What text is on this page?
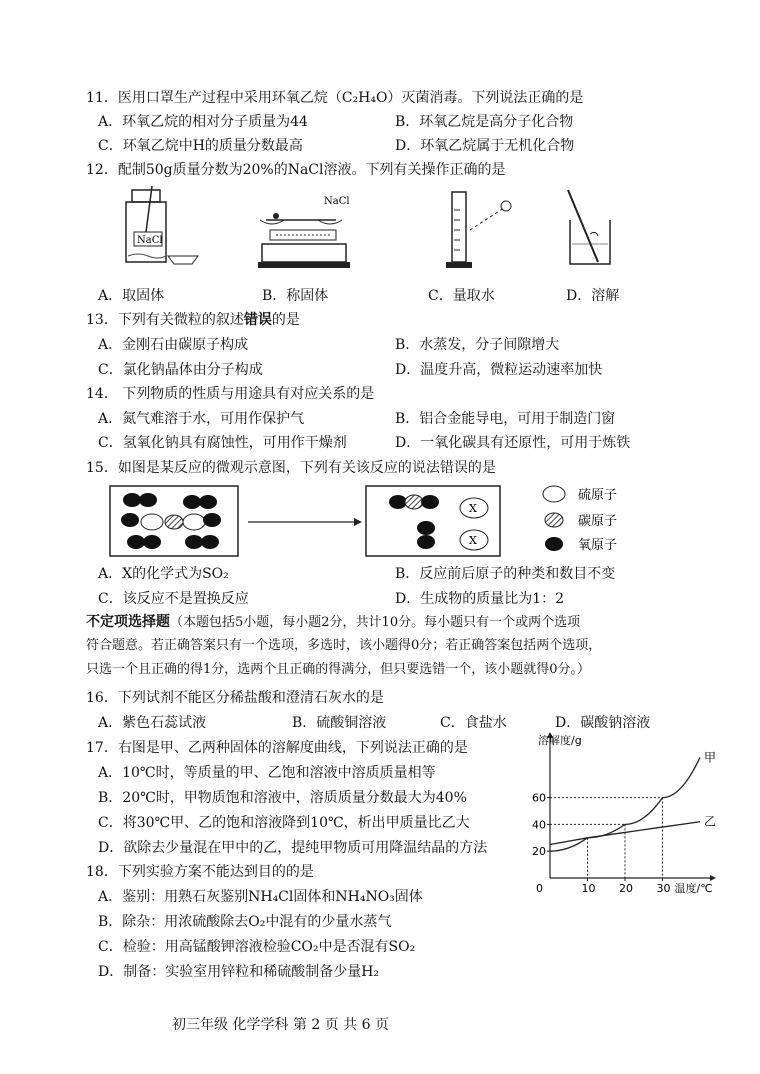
11．医用口罩生产过程中采用环氧乙烷（C₂H₄O）灭菌消毒。下列说法正确的是
A．环氧乙烷的相对分子质量为44	B．环氧乙烷是高分子化合物
C．环氧乙烷中H的质量分数最高	D．环氧乙烷属于无机化合物
12．配制50g质量分数为20%的NaCl溶液。下列有关操作正确的是
NaCl
NaCl
A．取固体	B．称固体	C．量取水	D．溶解
13．下列有关微粒的叙述错误的是
A．金刚石由碳原子构成	B．水蒸发，分子间隙增大
C．氯化钠晶体由分子构成	D．温度升高，微粒运动速率加快
14． 下列物质的性质与用途具有对应关系的是
A．氮气难溶于水，可用作保护气	B．铝合金能导电，可用于制造门窗
C．氢氧化钠具有腐蚀性，可用作干燥剂	D．一氧化碳具有还原性，可用于炼铁
15．如图是某反应的微观示意图，下列有关该反应的说法错误的是
X
X
硫原子
碳原子
氧原子
A．X的化学式为SO₂	B．反应前后原子的种类和数目不变
C．该反应不是置换反应	D．生成物的质量比为1：2
不定项选择题（本题包括5小题，每小题2分，共计10分。每小题只有一个或两个选项
符合题意。若正确答案只有一个选项，多选时，该小题得0分；若正确答案包括两个选项，
只选一个且正确的得1分，选两个且正确的得满分，但只要选错一个，该小题就得0分。）
16．下列试剂不能区分稀盐酸和澄清石灰水的是
A．紫色石蕊试液	B．硫酸铜溶液	C．食盐水	D．碳酸钠溶液
17．右图是甲、乙两种固体的溶解度曲线，下列说法正确的是
A．10℃时，等质量的甲、乙饱和溶液中溶质质量相等
B．20℃时，甲物质饱和溶液中，溶质质量分数最大为40%
C．将30℃甲、乙的饱和溶液降到10℃，析出甲质量比乙大
D．欲除去少量混在甲中的乙，提纯甲物质可用降温结晶的方法
0	10 20 30
20
40
60
甲
乙
溶解度/g
温度/℃
18．下列实验方案不能达到目的的是
A．鉴别：用熟石灰鉴别NH₄Cl固体和NH₄NO₃固体
B．除杂：用浓硫酸除去O₂中混有的少量水蒸气
C．检验：用高锰酸钾溶液检验CO₂中是否混有SO₂
D．制备：实验室用锌粒和稀硫酸制备少量H₂
初三年级 化学学科 第 2 页 共 6 页
